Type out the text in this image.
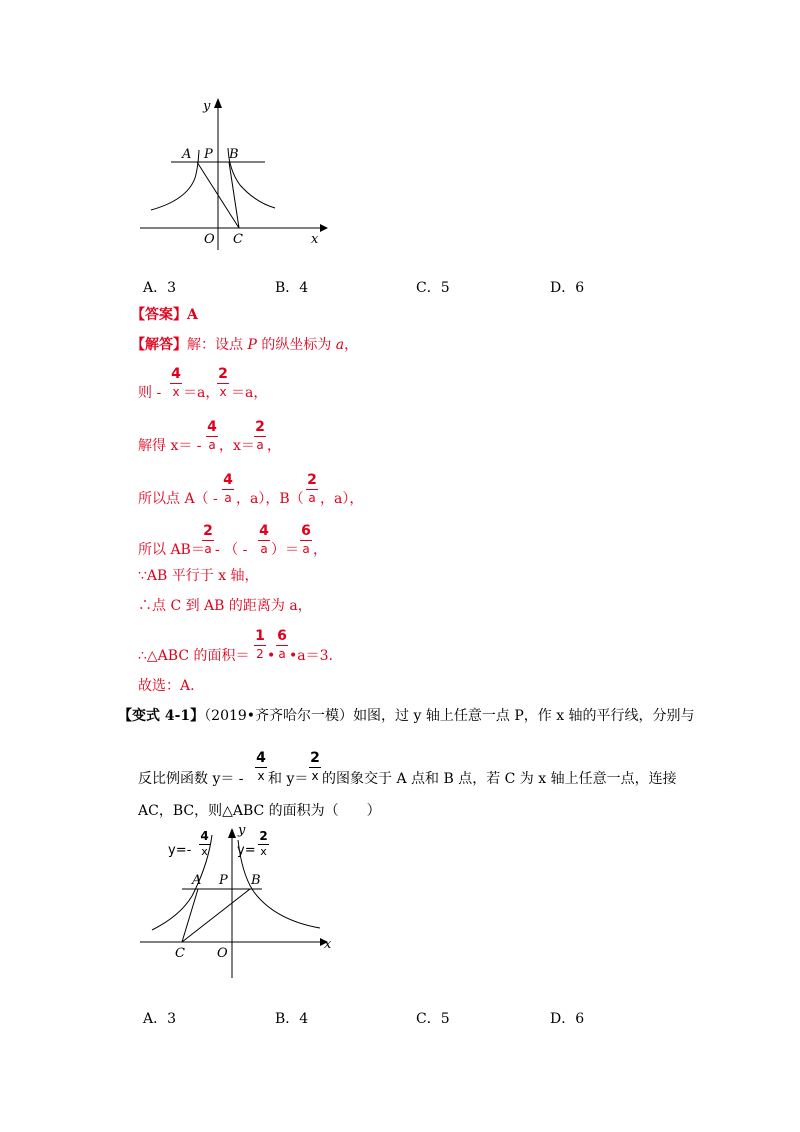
y
A P B
O C	x
A．3	B．4	C．5	D．6
【答案】A
【解答】解：设点 P 的纵坐标为 a，
则 -
4
x ＝a，
2
x ＝a，
解得 x＝ -
4
a ，x＝
2
a ，
所以点 A（ -
4
a ，a），B（
2
a ，a），
所以 AB＝
2
a - （ -
4
a ）＝
6
a ，
∵AB 平行于 x 轴，
∴点 C 到 AB 的距离为 a，
∴△ABC 的面积＝
1
2 •
6
a •a＝3.
故选：A.
【变式 4-1】（2019•齐齐哈尔一模）如图，过 y 轴上任意一点 P，作 x 轴的平行线，分别与
反比例函数 y＝ -
4
x 和 y＝
2
x 的图象交于 A 点和 B 点，若 C 为 x 轴上任意一点，连接
AC，BC，则△ABC 的面积为（　　）
y
A P B
O
C
x
y=-
4
x y=
2
x
A．3	B．4	C．5	D．6
